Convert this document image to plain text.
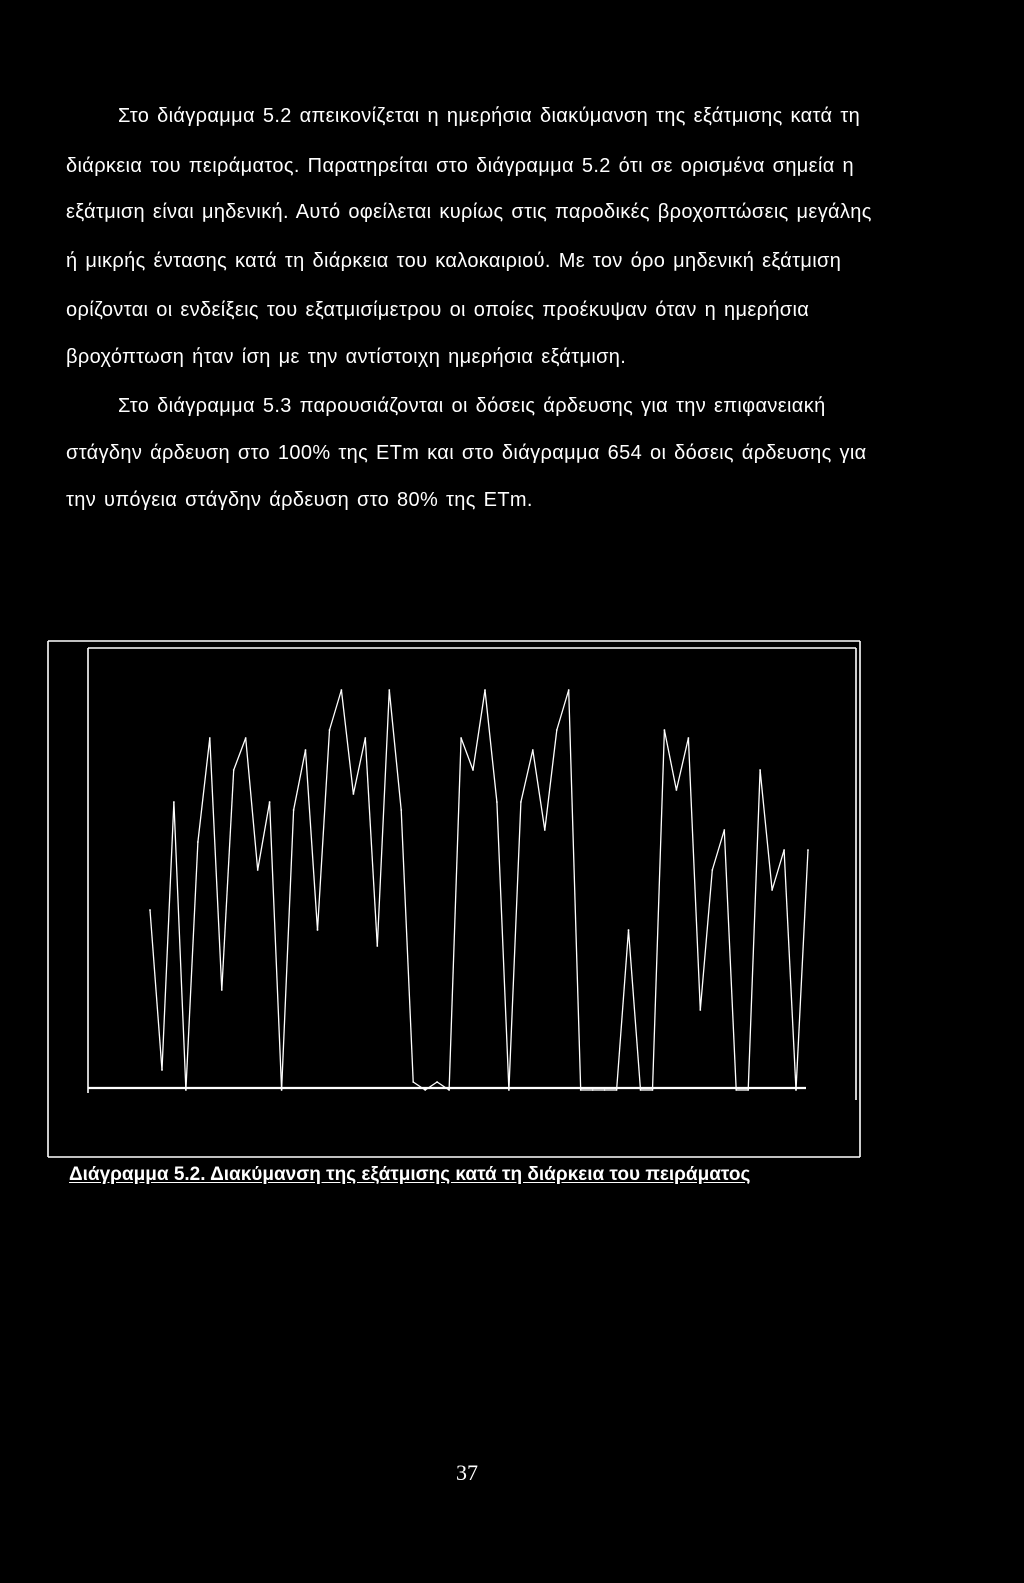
Στο διάγραμμα 5.2 απεικονίζεται η ημερήσια διακύμανση της εξάτμισης κατά τη
διάρκεια του πειράματος. Παρατηρείται στο διάγραμμα 5.2 ότι σε ορισμένα σημεία η
εξάτμιση είναι μηδενική. Αυτό οφείλεται κυρίως στις παροδικές βροχοπτώσεις μεγάλης
ή μικρής έντασης κατά τη διάρκεια του καλοκαιριού. Με τον όρο μηδενική εξάτμιση
ορίζονται οι ενδείξεις του εξατμισίμετρου οι οποίες προέκυψαν όταν η ημερήσια
βροχόπτωση ήταν ίση με την αντίστοιχη ημερήσια εξάτμιση.
Στο διάγραμμα 5.3 παρουσιάζονται οι δόσεις άρδευσης για την επιφανειακή
στάγδην άρδευση στο 100% της ETm και στο διάγραμμα 654 οι δόσεις άρδευσης για
την υπόγεια στάγδην άρδευση στο 80% της ETm.
Διάγραμμα 5.2. Διακύμανση της εξάτμισης κατά τη διάρκεια του πειράματος
37
